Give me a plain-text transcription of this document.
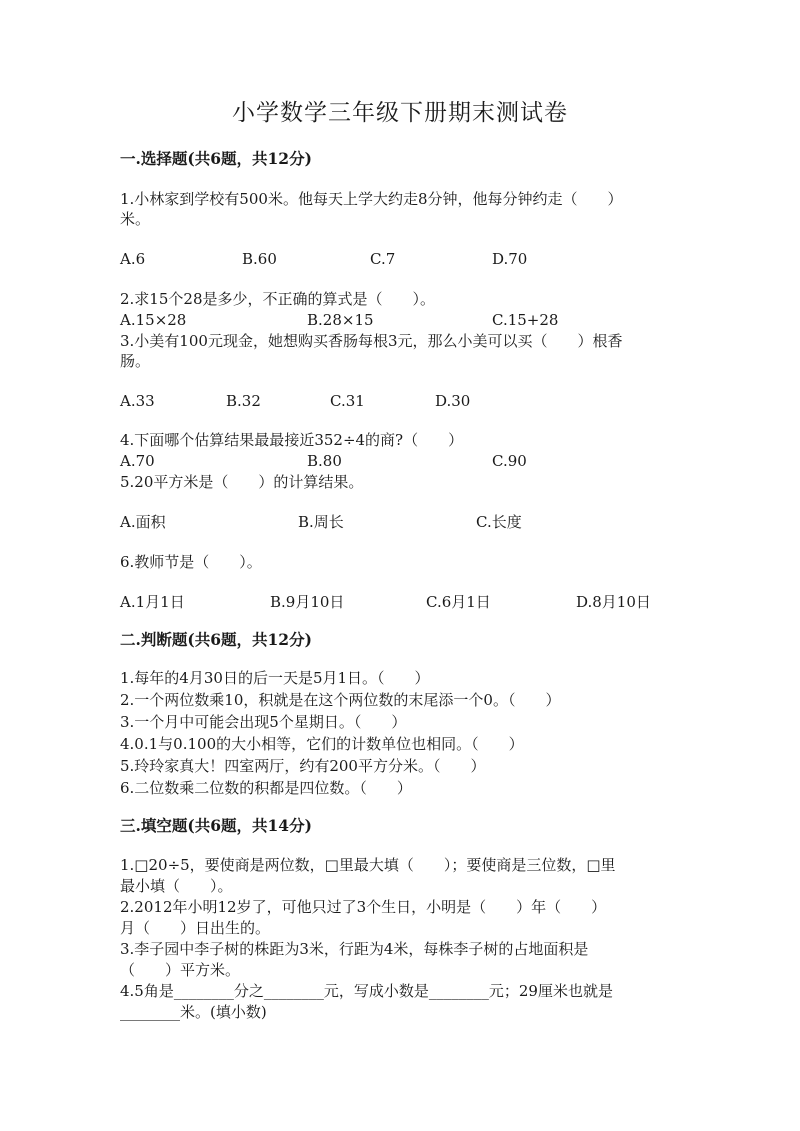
小学数学三年级下册期末测试卷
一.选择题(共6题，共12分)
1.小林家到学校有500米。他每天上学大约走8分钟，他每分钟约走（　　）
米。
A.6	B.60	C.7	D.70
2.求15个28是多少，不正确的算式是（　　）。
A.15×28	B.28×15	C.15+28
3.小美有100元现金，她想购买香肠每根3元，那么小美可以买（　　）根香
肠。
A.33	B.32	C.31	D.30
4.下面哪个估算结果最最接近352÷4的商?（　　）
A.70	B.80	C.90
5.20平方米是（　　）的计算结果。
A.面积	B.周长	C.长度
6.教师节是（　　）。
A.1月1日	B.9月10日	C.6月1日	D.8月10日
二.判断题(共6题，共12分)
1.每年的4月30日的后一天是5月1日。（　　）
2.一个两位数乘10，积就是在这个两位数的末尾添一个0。（　　）
3.一个月中可能会出现5个星期日。（　　）
4.0.1与0.100的大小相等，它们的计数单位也相同。（　　）
5.玲玲家真大！四室两厅，约有200平方分米。（　　）
6.二位数乘二位数的积都是四位数。（　　）
三.填空题(共6题，共14分)
1.□20÷5，要使商是两位数，□里最大填（　　）；要使商是三位数，□里
最小填（　　）。
2.2012年小明12岁了，可他只过了3个生日，小明是（　　）年（　　）
月（　　）日出生的。
3.李子园中李子树的株距为3米，行距为4米，每株李子树的占地面积是
（　　）平方米。
4.5角是________分之________元，写成小数是________元；29厘米也就是
________米。(填小数)
